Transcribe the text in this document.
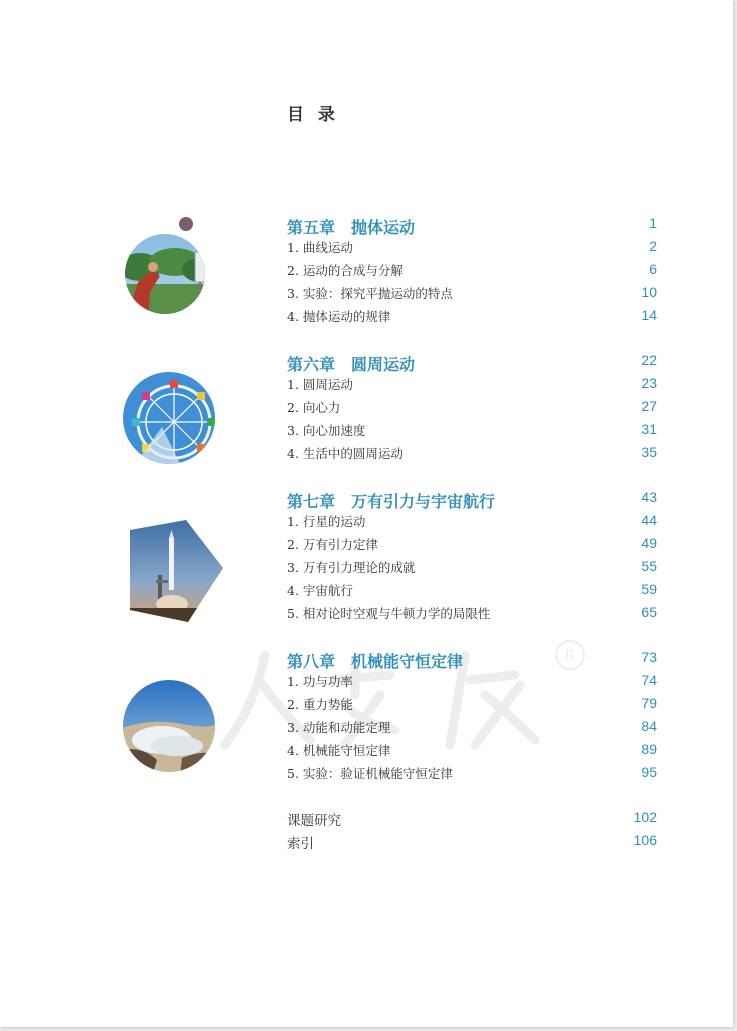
目 录
R
第五章　抛体运动	1
1. 曲线运动	2
2. 运动的合成与分解	6
3. 实验：探究平抛运动的特点	10
4. 抛体运动的规律	14
第六章　圆周运动	22
1. 圆周运动	23
2. 向心力	27
3. 向心加速度	31
4. 生活中的圆周运动	35
第七章　万有引力与宇宙航行	43
1. 行星的运动	44
2. 万有引力定律	49
3. 万有引力理论的成就	55
4. 宇宙航行	59
5. 相对论时空观与牛顿力学的局限性	65
第八章　机械能守恒定律	73
1. 功与功率	74
2. 重力势能	79
3. 动能和动能定理	84
4. 机械能守恒定律	89
5. 实验：验证机械能守恒定律	95
课题研究	102
索引	106
